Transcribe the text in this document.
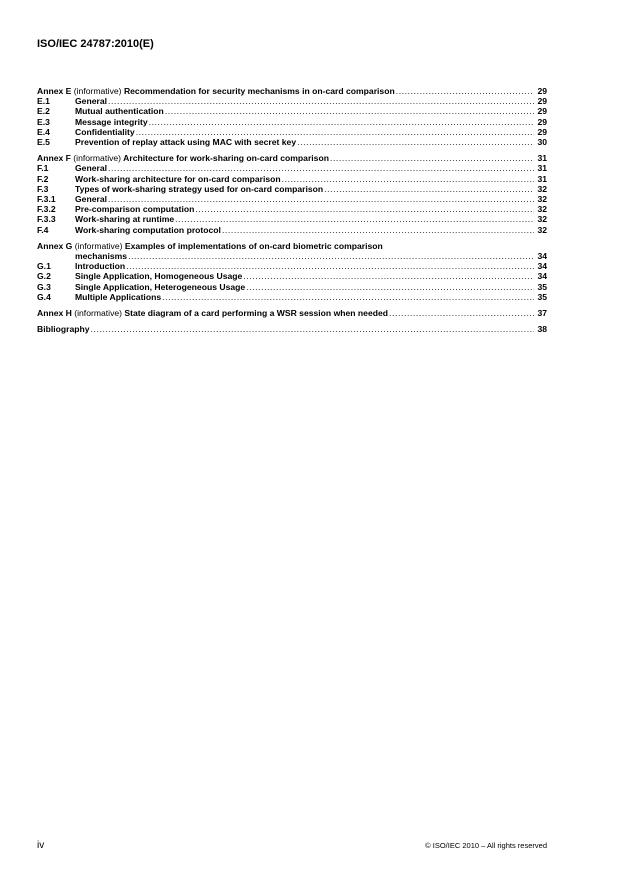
ISO/IEC 24787:2010(E)
Annex E (informative) Recommendation for security mechanisms in on-card comparison .....	29
E.1	General .....	29
E.2	Mutual authentication .....	29
E.3	Message integrity .....	29
E.4	Confidentiality .....	29
E.5	Prevention of replay attack using MAC with secret key .....	30
Annex F (informative) Architecture for work-sharing on-card comparison .....	31
F.1	General .....	31
F.2	Work-sharing architecture for on-card comparison .....	31
F.3	Types of work-sharing strategy used for on-card comparison .....	32
F.3.1	General .....	32
F.3.2	Pre-comparison computation .....	32
F.3.3	Work-sharing at runtime .....	32
F.4	Work-sharing computation protocol .....	32
Annex G (informative) Examples of implementations of on-card biometric comparison
mechanisms .....	34
G.1	Introduction .....	34
G.2	Single Application, Homogeneous Usage .....	34
G.3	Single Application, Heterogeneous Usage .....	35
G.4	Multiple Applications .....	35
Annex H (informative) State diagram of a card performing a WSR session when needed .....	37
Bibliography .....	38
iv	© ISO/IEC 2010 – All rights reserved
